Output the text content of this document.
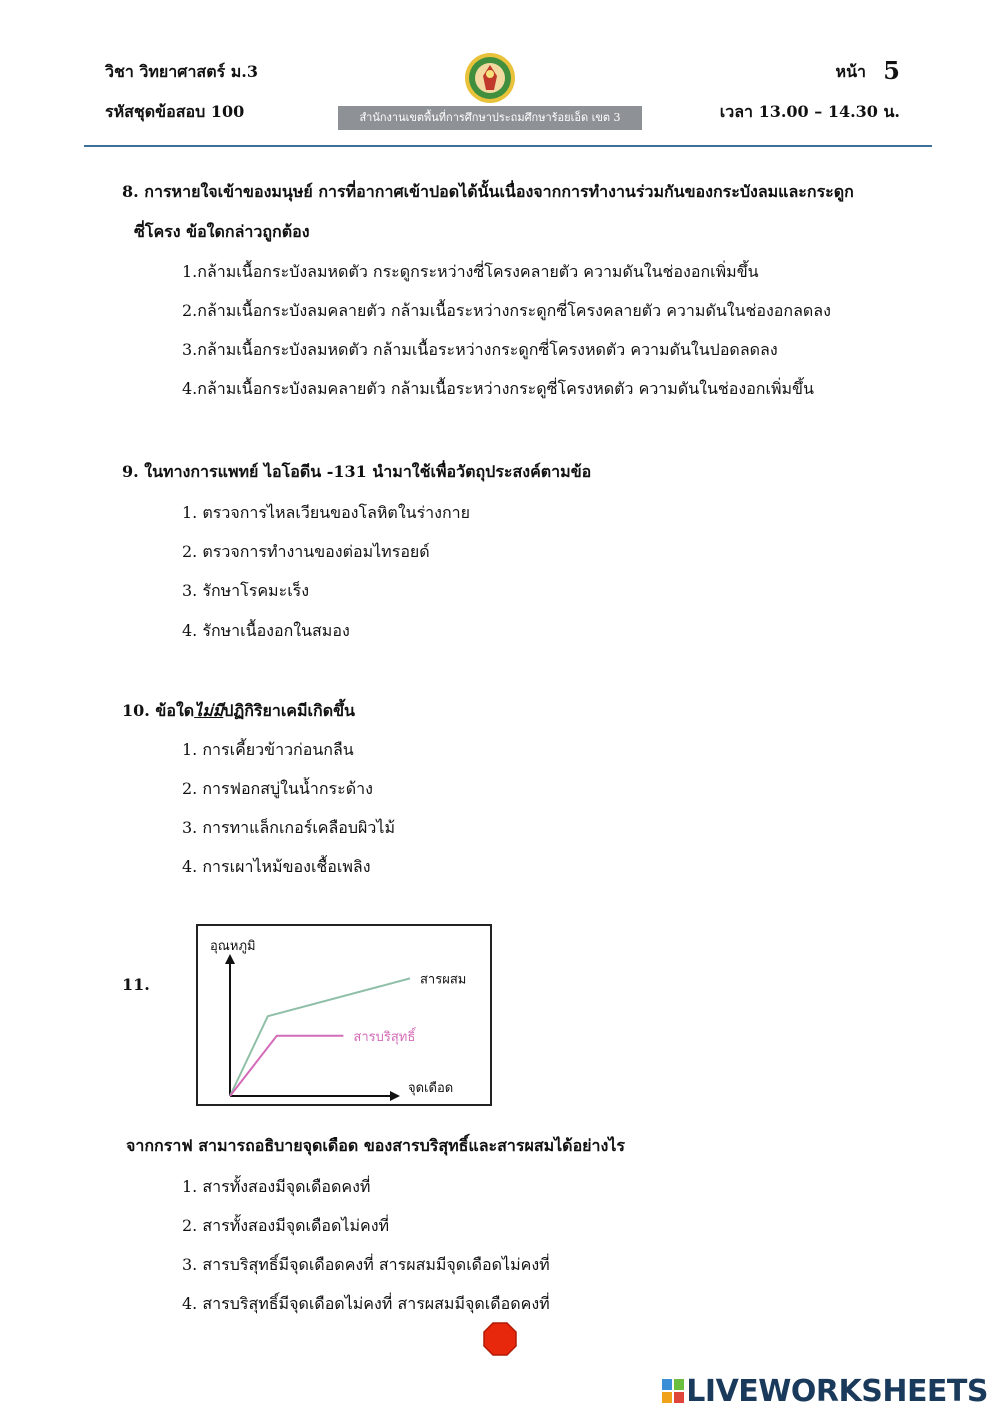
วิชา วิทยาศาสตร์ ม.3
รหัสชุดข้อสอบ 100	สำนักงานเขตพื้นที่การศึกษาประถมศึกษาร้อยเอ็ด เขต 3
หน้า 5
เวลา 13.00 – 14.30 น.
8. การหายใจเข้าของมนุษย์ การที่อากาศเข้าปอดได้นั้นเนื่องจากการทำงานร่วมกันของกระบังลมและกระดูก
ซี่โครง ข้อใดกล่าวถูกต้อง
1.กล้ามเนื้อกระบังลมหดตัว กระดูกระหว่างซี่โครงคลายตัว ความดันในช่องอกเพิ่มขึ้น
2.กล้ามเนื้อกระบังลมคลายตัว กล้ามเนื้อระหว่างกระดูกซี่โครงคลายตัว ความดันในช่องอกลดลง
3.กล้ามเนื้อกระบังลมหดตัว กล้ามเนื้อระหว่างกระดูกซี่โครงหดตัว ความดันในปอดลดลง
4.กล้ามเนื้อกระบังลมคลายตัว กล้ามเนื้อระหว่างกระดูซี่โครงหดตัว ความดันในช่องอกเพิ่มขึ้น
9. ในทางการแพทย์ ไอโอดีน -131 นำมาใช้เพื่อวัตถุประสงค์ตามข้อ
1. ตรวจการไหลเวียนของโลหิตในร่างกาย
2. ตรวจการทำงานของต่อมไทรอยด์
3. รักษาโรคมะเร็ง
4. รักษาเนื้องอกในสมอง
10. ข้อใดไม่มีปฏิกิริยาเคมีเกิดขึ้น
1. การเคี้ยวข้าวก่อนกลืน
2. การฟอกสบู่ในน้ำกระด้าง
3. การทาแล็กเกอร์เคลือบผิวไม้
4. การเผาไหม้ของเชื้อเพลิง
11.
อุณหภูมิ
จุดเดือด
สารผสม
สารบริสุทธิ์
จากกราฟ สามารถอธิบายจุดเดือด ของสารบริสุทธิ์และสารผสมได้อย่างไร
1. สารทั้งสองมีจุดเดือดคงที่
2. สารทั้งสองมีจุดเดือดไม่คงที่
3. สารบริสุทธิ์มีจุดเดือดคงที่ สารผสมมีจุดเดือดไม่คงที่
4. สารบริสุทธิ์มีจุดเดือดไม่คงที่ สารผสมมีจุดเดือดคงที่
LIVEWORKSHEETS
